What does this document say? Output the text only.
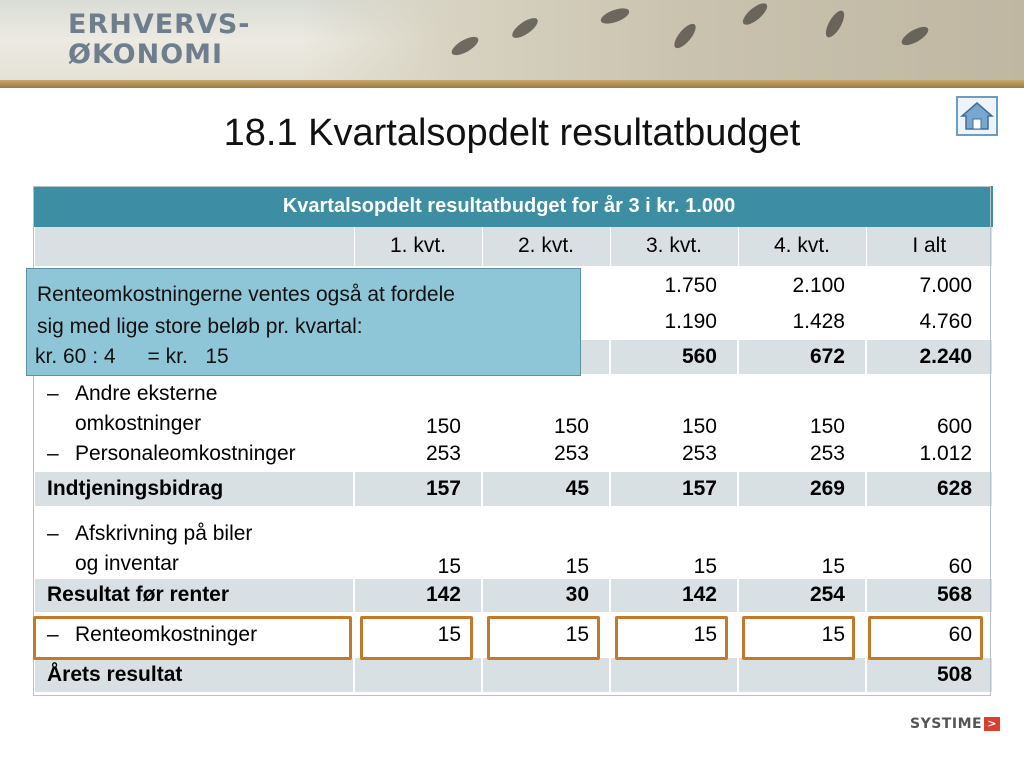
ERHVERVS-
ØKONOMI
18.1 Kvartalsopdelt resultatbudget
Kvartalsopdelt resultatbudget for år 3 i kr. 1.000					
	1. kvt.	2. kvt.	3. kvt.	4. kvt.	I alt
			1.750	2.100	7.000
			1.190	1.428	4.760
			560	672	2.240
– Andre eksterne
omkostninger	150	150	150	150	600
– Personaleomkostninger	253	253	253	253	1.012
Indtjeningsbidrag	157	45	157	269	628
– Afskrivning på biler
og inventar	15	15	15	15	60
Resultat før renter	142	30	142	254	568
– Renteomkostninger	15	15	15	15	60
Årets resultat					508
Renteomkostningerne ventes også at fordele
sig med lige store beløb pr. kvartal:
kr. 60 : 4 = kr.   15
SYSTIME >
